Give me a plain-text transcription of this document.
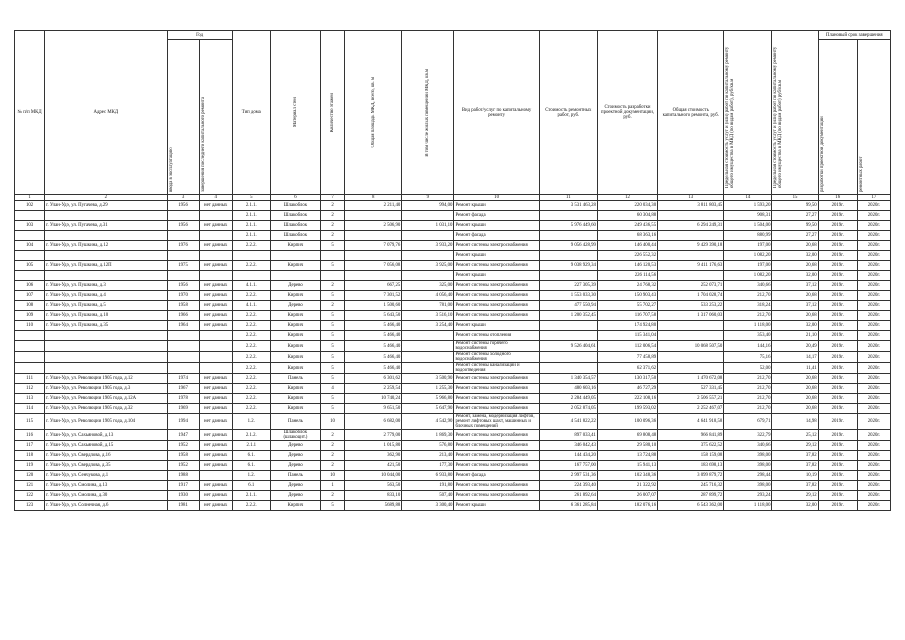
№ п/п МКД	Адрес МКД	Год		Тип дома	Материал стен	Количество этажей	Общая площадь МКД, всего, кв. м	В том числе жилых помещений МКД, кв.м	Вид работ/услуг по капитальному ремонту	Стоимость ремонтных работ, руб.	Стоимость разработки проектной документации, руб.	Общая стоимость капитального ремонта, руб.	Предельная стоимость услуг и (или) работ по капитальному ремонту общего имущества в МКД (по видам работ), руб/кв.м	Предельная стоимость услуг и (или) работ по капитальному ремонту общего имущества в МКД (по видам работ) руб/кв.м	Плановый срок завершения	

		ввода в эксплуатацию	завершения последнего капитального ремонта												разработки проектной документации	ремонтных работ

1	2	3	4	5	6	7	8	9	10	11	12	13	14	15	16	17
102	г. Улан-Удэ, ул. Пугачева, д.29	1956	нет данных	2.1.1.	Шлакоблок	2	2 211,40	994,00	Ремонт крыши	3 531 463,28	220 034,30	3 811 803,45	1 593,20	99,50	2019г.	2020г.
				2.1.1.	Шлакоблок	2			Ремонт фасада		60 304,88		908,31	27,27	2019г.	2020г.
103	г. Улан-Удэ, ул. Пугачева, д.31	1956	нет данных	2.1.1.	Шлакоблок	2	2 506,90	1 031,10	Ремонт крыши	5 976 449,60	249 436,55	6 294 249,31	1 504,00	99,50	2019г.	2020г.
				2.1.1.	Шлакоблок	2			Ремонт фасада		68 363,16		880,99	27,27	2019г.	2020г.
104	г. Улан-Удэ, ул. Пушкина, д.12	1976	нет данных	2.2.2.	Кирпич	5	7 079,76	3 933,20	Ремонт системы электроснабжения	9 056 428,99	146 400,44	9 429 390,18	197,00	20,68	2019г.	2020г.
									Ремонт крыши		226 552,32		1 082,20	32,00	2019г.	2020г.
105	г. Улан-Удэ, ул. Пушкина, д.12П	1975	нет данных	2.2.2.	Кирпич	5	7 056,08	3 925,00	Ремонт системы электроснабжения	9 038 929,34	146 120,53	9 411 176,63	197,00	20,68	2019г.	2020г.
									Ремонт крыши		226 114,56		1 082,20	32,00	2019г.	2020г.
106	г. Улан-Удэ, ул. Пушкина, д.3	1956	нет данных	4.1.1.	Дерево	2	667,25	325,00	Ремонт системы электроснабжения	227 305,39	24 768,32	252 073,71	340,66	37,12	2019г.	2020г.
107	г. Улан-Удэ, ул. Пушкина, д.4	1970	нет данных	2.2.2.	Кирпич	5	7 301,52	4 056,40	Ремонт системы электроснабжения	1 553 033,30	150 903,43	1 704 028,74	212,70	20,68	2019г.	2020г.
108	г. Улан-Удэ, ул. Пушкина, д.5	1958	нет данных	4.1.1.	Дерево	2	1 500,60	781,00	Ремонт системы электроснабжения	477 550,94	55 702,27	533 253,22	318,24	37,12	2019г.	2020г.
109	г. Улан-Удэ, ул. Пушкина, д.10	1966	нет данных	2.2.2.	Кирпич	5	5 643,50	3 516,10	Ремонт системы электроснабжения	1 200 352,45	116 707,58	1 317 060,03	212,70	20,68	2019г.	2020г.
110	г. Улан-Удэ, ул. Пушкина, д.35	1964	нет данных	2.2.2.	Кирпич	5	5 466,40	3 254,40	Ремонт крыши		174 924,80		1 118,00	32,00	2019г.	2020г.
				2.2.2.	Кирпич	5	5 466,40		Ремонт системы отопления		115 341,04		353,40	21,10	2019г.	2020г.
				2.2.2.	Кирпич	5	5 466,40		Ремонт системы горячего водоснабжения	9 526 404,61	112 006,54	10 068 507,50	144,16	20,49	2019г.	2020г.
				2.2.2.	Кирпич	5	5 466,40		Ремонт системы холодного водоснабжения		77 458,89		75,16	14,17	2019г.	2020г.
				2.2.2.	Кирпич	5	5 466,40		Ремонт системы канализации и водоотведения		62 371,62		52,00	11,41	2019г.	2020г.
111	г. Улан-Удэ, ул. Революции 1905 года, д.12	1974	нет данных	2.2.2.	Панель	5	6 301,62	3 500,90	Ремонт системы электроснабжения	1 340 354,57	130 317,50	1 470 672,08	212,70	20,68	2019г.	2020г.
112	г. Улан-Удэ, ул. Революции 1905 года, д.3	1967	нет данных	2.2.2.	Кирпич	4	2 259,54	1 255,30	Ремонт системы электроснабжения	480 603,16	46 727,29	527 331,45	212,70	20,68	2019г.	2020г.
113	г. Улан-Удэ, ул. Революции 1905 года, д.12А	1978	нет данных	2.2.2.	Кирпич	5	10 740,24	5 966,80	Ремонт системы электроснабжения	2 284 449,05	222 108,16	2 506 557,21	212,70	20,68	2019г.	2020г.
114	г. Улан-Удэ, ул. Революции 1905 года, д.32	1969	нет данных	2.2.2.	Кирпич	5	9 651,50	5 647,90	Ремонт системы электроснабжения	2 052 874,05	199 593,02	2 252 467,07	212,70	20,68	2019г.	2020г.
115	г. Улан-Удэ, ул. Революции 1905 года, д.104	1994	нет данных	1.2.	Панель	10	6 682,00	4 542,90	Ремонт, замена, модернизация лифтов, ремонт лифтовых шахт, машинных и блочных помещений	4 541 822,22	100 096,36	4 641 918,58	679,71	14,98	2019г.	2020г.
116	г. Улан-Удэ, ул. Сахьяновой, д.13	1947	нет данных	2.1.2.	Шлакоблок (шлакоцит.)	2	2 779,00	1 869,30	Ремонт системы электроснабжения	897 033,41	69 808,48	966 841,89	322,79	25,12	2019г.	2020г.
117	г. Улан-Удэ, ул. Сахьяновой, д.15	1952	нет данных	2.1.1	Дерево	2	1 015,80	576,80	Ремонт системы электроснабжения	346 042,43	29 580,10	375 622,52	340,66	29,12	2019г.	2020г.
118	г. Улан-Удэ, ул. Свердлова, д.16	1958	нет данных	6.1.	Дерево	2	362,90	213,40	Ремонт системы электроснабжения	144 434,20	13 724,88	158 159,08	398,00	37,82	2019г.	2020г.
119	г. Улан-Удэ, ул. Свердлова, д.35	1952	нет данных	6.1.	Дерево	2	421,50	177,30	Ремонт системы электроснабжения	167 757,00	15 941,13	183 698,13	398,00	37,82	2019г.	2020г.
120	г. Улан-Удэ, ул. Сенчукова, д.1	1988		1.2.	Панель	10	10 044,00	6 933,80	Ремонт фасада	2 997 531,36	102 348,36	3 099 879,72	298,44	10,19	2019г.	2020г.
121	г. Улан-Удэ, ул. Смолина, д.13	1917	нет данных	6.1	Дерево	1	563,50	191,80	Ремонт системы электроснабжения	224 393,40	21 322,92	245 716,32	398,00	37,82	2019г.	2020г.
122	г. Улан-Удэ, ул. Смолина, д.30	1930	нет данных	2.1.1.	Дерево	2	833,10	507,40	Ремонт системы электроснабжения	261 892,64	26 007,07	287 899,72	293,24	29,12	2019г.	2020г.
123	г. Улан-Удэ, ул. Солнечная, д.6	1981	нет данных	2.2.2.	Кирпич	5	5689,88	3 300,40	Ремонт крыши	6 361 285,84	182 076,16	6 543 362,00	1 118,00	32,00	2019г.	2020г.
